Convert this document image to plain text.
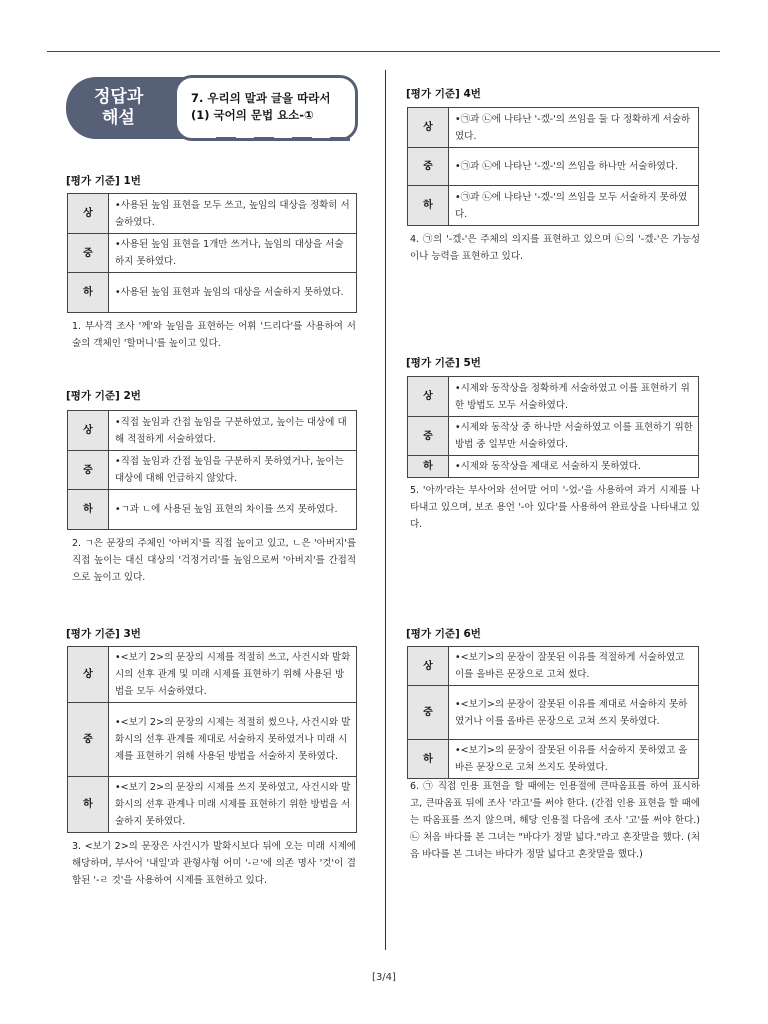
정답과
해설
7. 우리의 말과 글을 따라서
(1) 국어의 문법 요소-①
[평가 기준] 1번
상	•사용된 높임 표현을 모두 쓰고, 높임의 대상을 정확히 서술하였다.
중	•사용된 높임 표현을 1개만 쓰거나, 높임의 대상을 서술하지 못하였다.
하	•사용된 높임 표현과 높임의 대상을 서술하지 못하였다.
1. 부사격 조사 '께'와 높임을 표현하는 어휘 '드리다'를 사용하여 서술의 객체인 '할머니'를 높이고 있다.
[평가 기준] 2번
상	•직접 높임과 간접 높임을 구분하였고, 높이는 대상에 대해 적절하게 서술하였다.
중	•직접 높임과 간접 높임을 구분하지 못하였거나, 높이는 대상에 대해 언급하지 않았다.
하	•ㄱ과 ㄴ에 사용된 높임 표현의 차이를 쓰지 못하였다.
2. ㄱ은 문장의 주체인 '아버지'를 직접 높이고 있고, ㄴ은 '아버지'를 직접 높이는 대신 대상의 '걱정거리'를 높임으로써 '아버지'를 간접적으로 높이고 있다.
[평가 기준] 3번
상	•<보기 2>의 문장의 시제를 적절히 쓰고, 사건시와 발화시의 선후 관계 및 미래 시제를 표현하기 위해 사용된 방법을 모두 서술하였다.
중	•<보기 2>의 문장의 시제는 적절히 썼으나, 사건시와 발화시의 선후 관계를 제대로 서술하지 못하였거나 미래 시제를 표현하기 위해 사용된 방법을 서술하지 못하였다.
하	•<보기 2>의 문장의 시제를 쓰지 못하였고, 사건시와 발화시의 선후 관계나 미래 시제를 표현하기 위한 방법을 서술하지 못하였다.
3. <보기 2>의 문장은 사건시가 발화시보다 뒤에 오는 미래 시제에 해당하며, 부사어 '내일'과 관형사형 어미 '-ㄹ'에 의존 명사 '것'이 결합된 '-ㄹ 것'을 사용하여 시제를 표현하고 있다.
[평가 기준] 4번
상	•㉠과 ㉡에 나타난 '-겠-'의 쓰임을 둘 다 정확하게 서술하였다.
중	•㉠과 ㉡에 나타난 '-겠-'의 쓰임을 하나만 서술하였다.
하	•㉠과 ㉡에 나타난 '-겠-'의 쓰임을 모두 서술하지 못하였다.
4. ㉠의 '-겠-'은 주체의 의지를 표현하고 있으며 ㉡의 '-겠-'은 가능성이나 능력을 표현하고 있다.
[평가 기준] 5번
상	•시제와 동작상을 정확하게 서술하였고 이를 표현하기 위한 방법도 모두 서술하였다.
중	•시제와 동작상 중 하나만 서술하였고 이를 표현하기 위한 방법 중 일부만 서술하였다.
하	•시제와 동작상을 제대로 서술하지 못하였다.
5. '아까'라는 부사어와 선어말 어미 '-었-'을 사용하여 과거 시제를 나타내고 있으며, 보조 용언 '-아 있다'를 사용하여 완료상을 나타내고 있다.
[평가 기준] 6번
상	•<보기>의 문장이 잘못된 이유를 적절하게 서술하였고 이를 올바른 문장으로 고쳐 썼다.
중	•<보기>의 문장이 잘못된 이유를 제대로 서술하지 못하였거나 이를 올바른 문장으로 고쳐 쓰지 못하였다.
하	•<보기>의 문장이 잘못된 이유를 서술하지 못하였고 올바른 문장으로 고쳐 쓰지도 못하였다.
6. ㉠ 직접 인용 표현을 할 때에는 인용절에 큰따옴표를 하여 표시하고, 큰따옴표 뒤에 조사 '라고'를 써야 한다. (간접 인용 표현을 할 때에는 따옴표를 쓰지 않으며, 해당 인용절 다음에 조사 '고'를 써야 한다.) ㉡ 처음 바다를 본 그녀는 "바다가 정말 넓다."라고 혼잣말을 했다. (처음 바다를 본 그녀는 바다가 정말 넓다고 혼잣말을 했다.)
[3/4]
